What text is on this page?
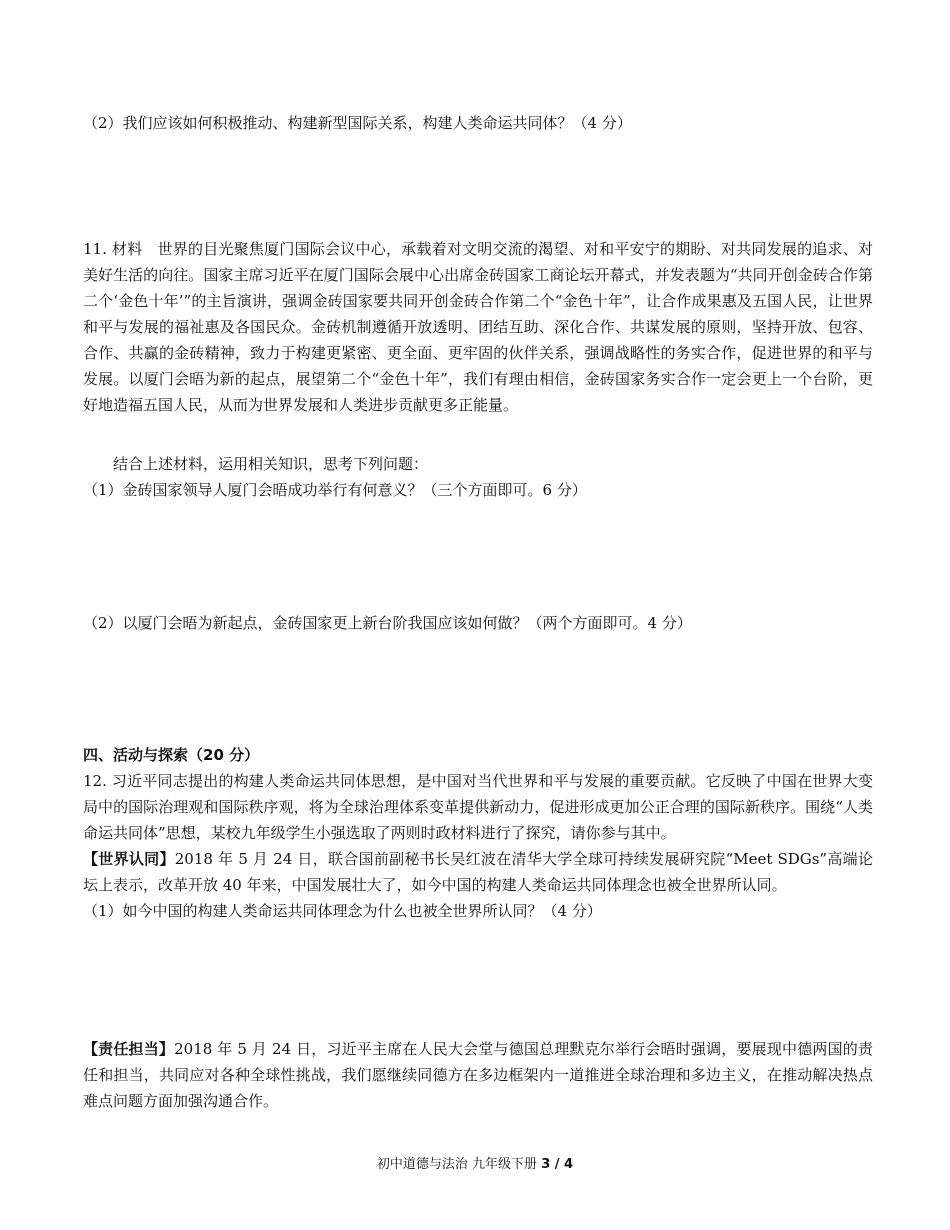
（2）我们应该如何积极推动、构建新型国际关系，构建人类命运共同体？（4 分）

11. 材料　世界的目光聚焦厦门国际会议中心，承载着对文明交流的渴望、对和平安宁的期盼、对共同发展的追求、对美好生活的向往。国家主席习近平在厦门国际会展中心出席金砖国家工商论坛开幕式，并发表题为“共同开创金砖合作第二个‘金色十年’”的主旨演讲，强调金砖国家要共同开创金砖合作第二个“金色十年”，让合作成果惠及五国人民，让世界和平与发展的福祉惠及各国民众。金砖机制遵循开放透明、团结互助、深化合作、共谋发展的原则，坚持开放、包容、合作、共赢的金砖精神，致力于构建更紧密、更全面、更牢固的伙伴关系，强调战略性的务实合作，促进世界的和平与发展。以厦门会晤为新的起点，展望第二个“金色十年”，我们有理由相信，金砖国家务实合作一定会更上一个台阶，更好地造福五国人民，从而为世界发展和人类进步贡献更多正能量。

结合上述材料，运用相关知识，思考下列问题：

（1）金砖国家领导人厦门会晤成功举行有何意义？（三个方面即可。6 分）

（2）以厦门会晤为新起点，金砖国家更上新台阶我国应该如何做？（两个方面即可。4 分）

四、活动与探索（20 分）

12. 习近平同志提出的构建人类命运共同体思想，是中国对当代世界和平与发展的重要贡献。它反映了中国在世界大变局中的国际治理观和国际秩序观，将为全球治理体系变革提供新动力，促进形成更加公正合理的国际新秩序。围绕“人类命运共同体”思想，某校九年级学生小强选取了两则时政材料进行了探究，请你参与其中。

【世界认同】2018 年 5 月 24 日，联合国前副秘书长吴红波在清华大学全球可持续发展研究院“Meet SDGs”高端论坛上表示，改革开放 40 年来，中国发展壮大了，如今中国的构建人类命运共同体理念也被全世界所认同。

（1）如今中国的构建人类命运共同体理念为什么也被全世界所认同？（4 分）

【责任担当】2018 年 5 月 24 日，习近平主席在人民大会堂与德国总理默克尔举行会晤时强调，要展现中德两国的责任和担当，共同应对各种全球性挑战，我们愿继续同德方在多边框架内一道推进全球治理和多边主义，在推动解决热点难点问题方面加强沟通合作。

初中道德与法治 九年级下册 3 / 4
